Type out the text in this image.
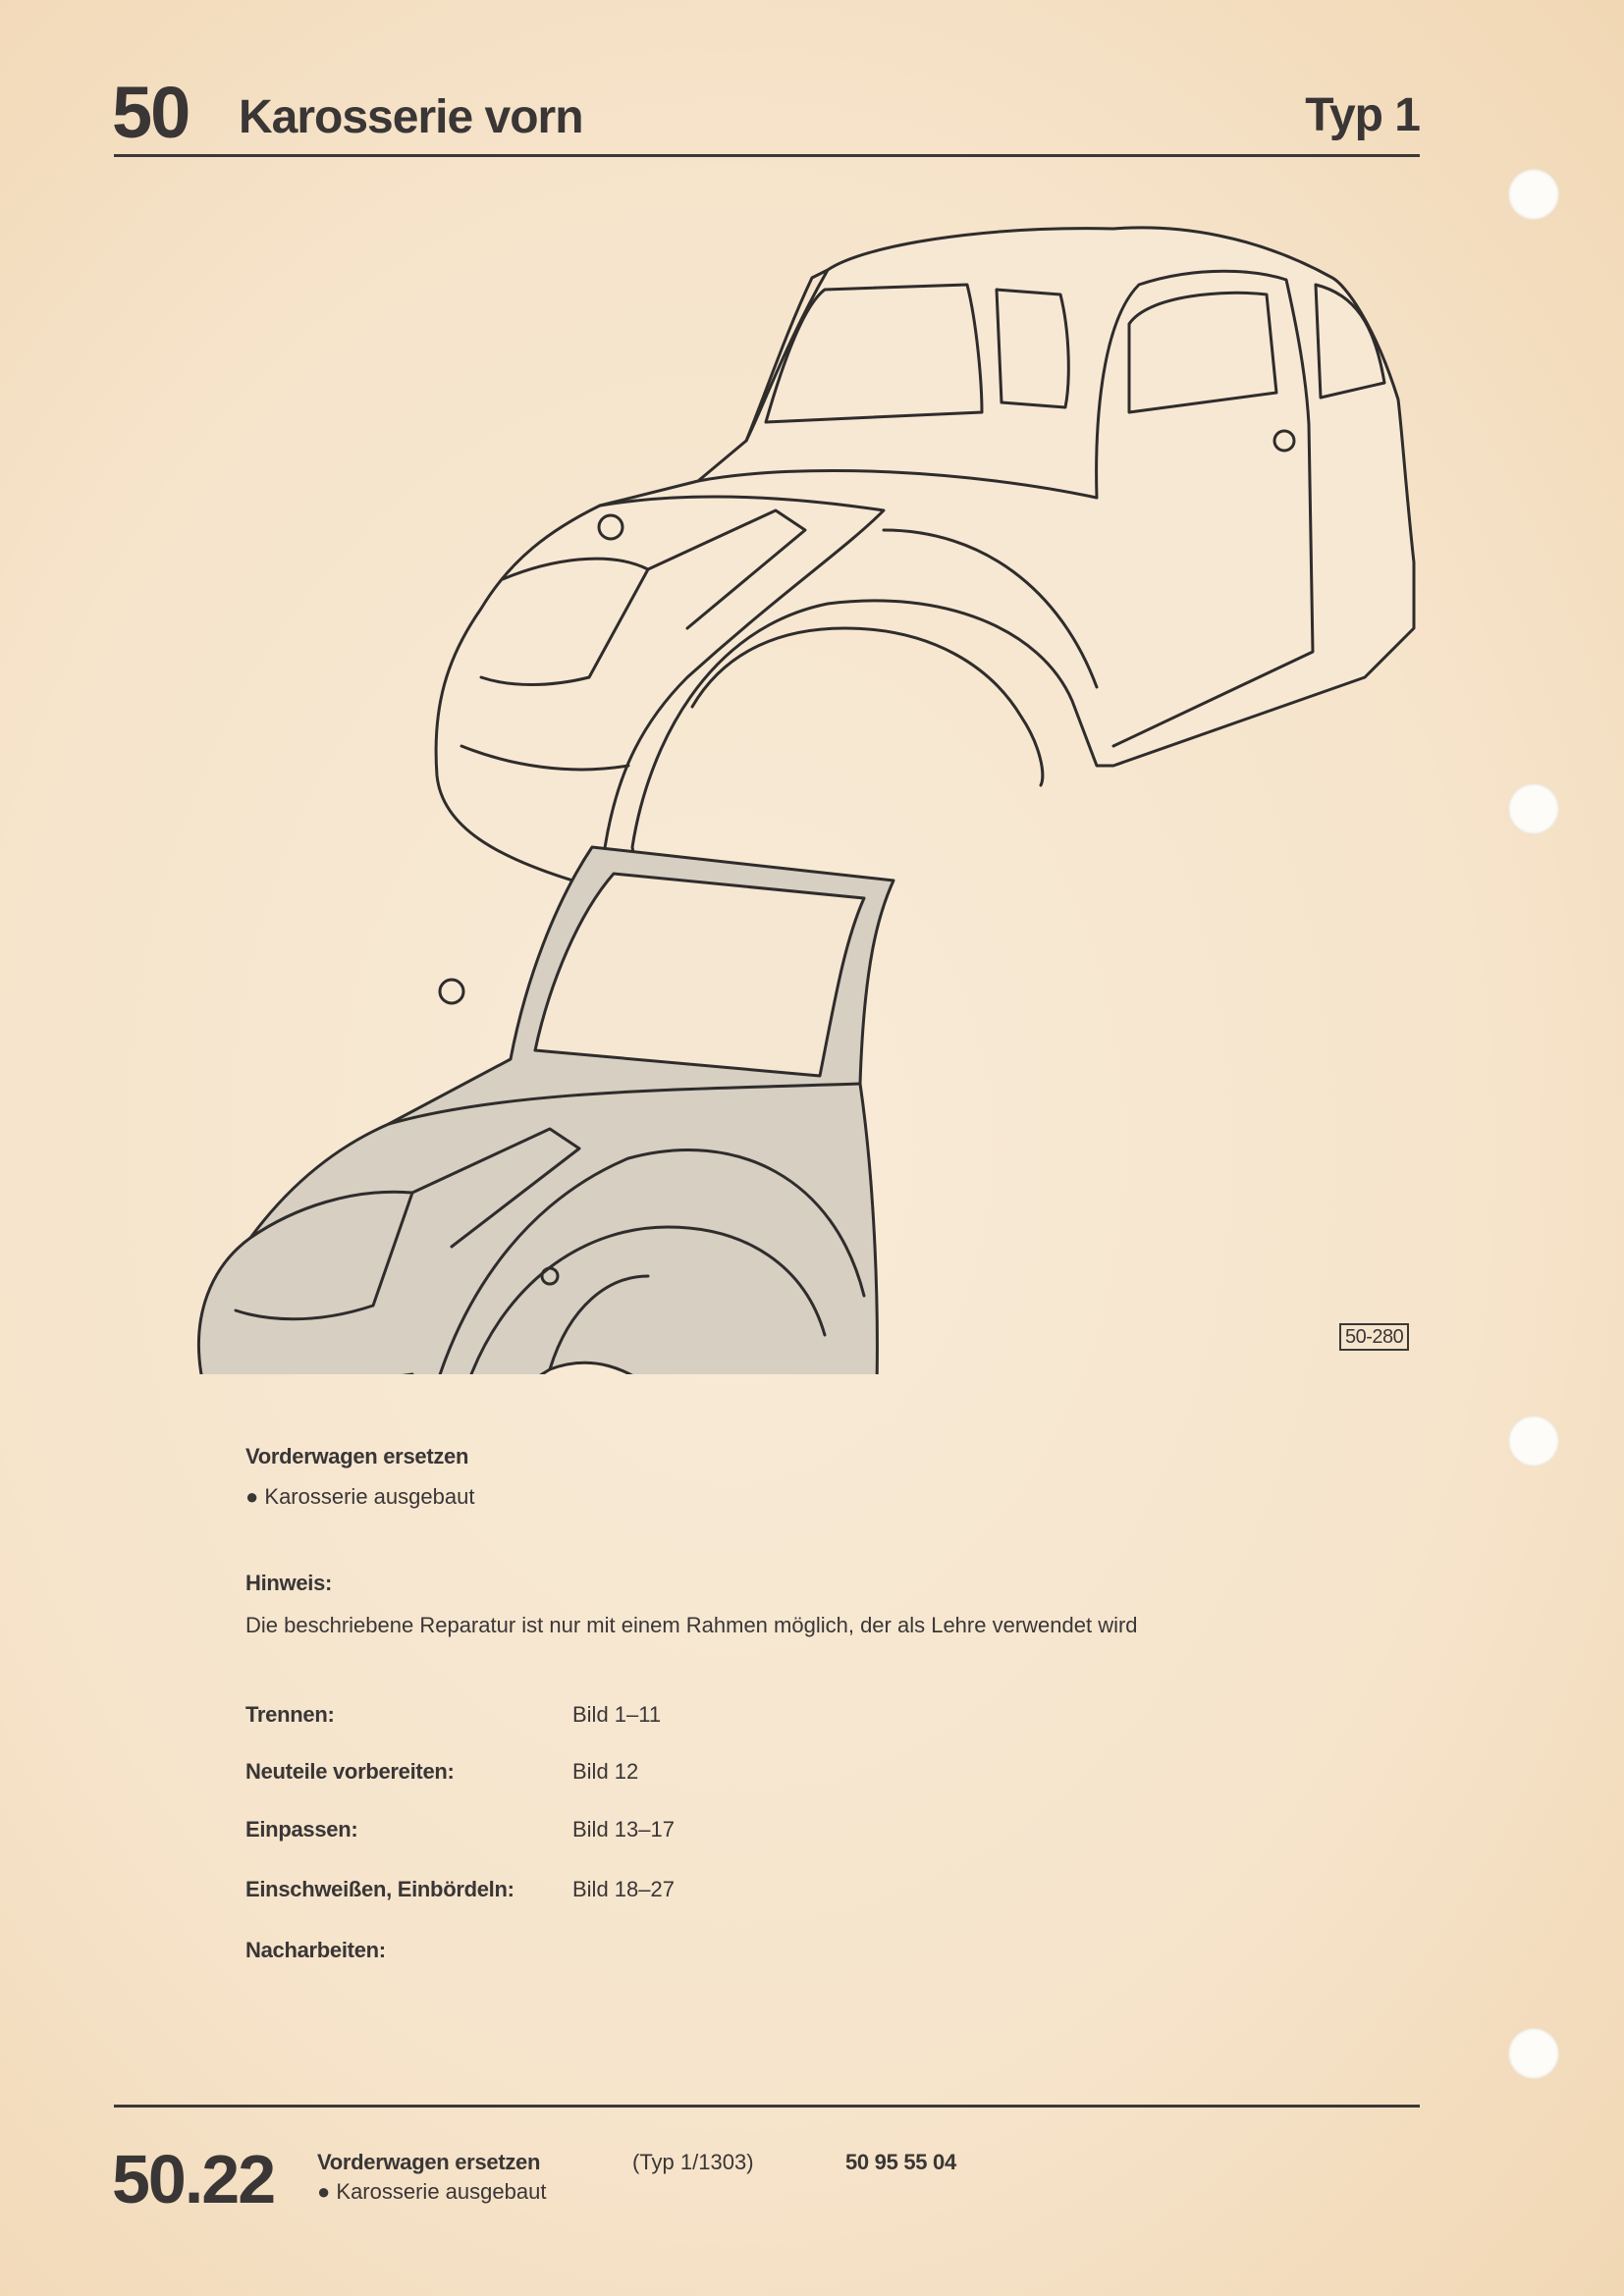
50 Karosserie vorn	Typ 1
50-280
Vorderwagen ersetzen
● Karosserie ausgebaut
Hinweis:
Die beschriebene Reparatur ist nur mit einem Rahmen möglich, der als Lehre verwendet wird
Trennen:	Bild 1–11
Neuteile vorbereiten:	Bild 12
Einpassen:	Bild 13–17
Einschweißen, Einbördeln:	Bild 18–27
Nacharbeiten:
50.22 Vorderwagen ersetzen
● Karosserie ausgebaut
(Typ 1/1303)	50 95 55 04
